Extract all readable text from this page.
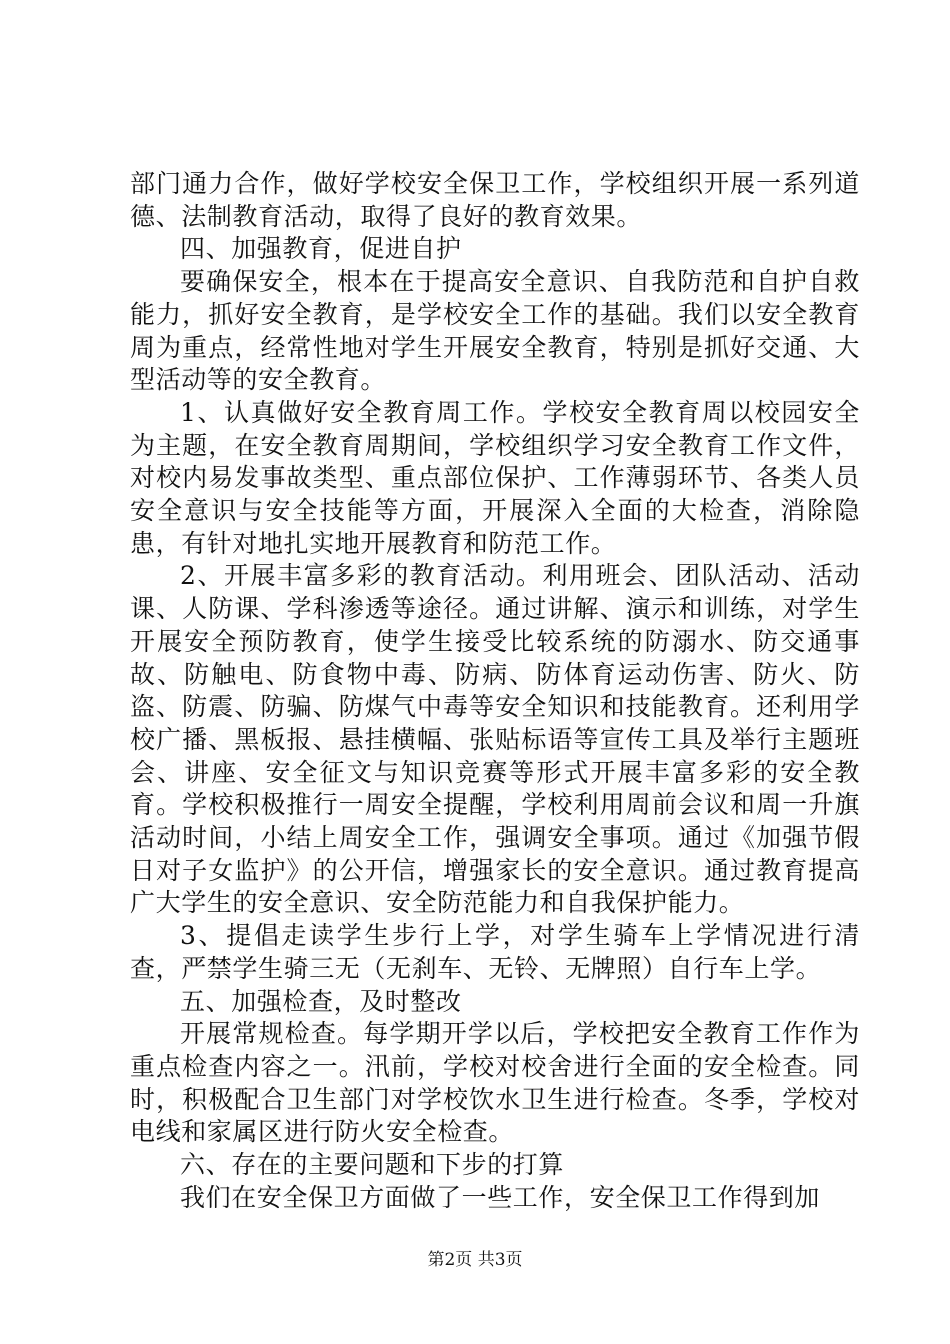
部门通力合作，做好学校安全保卫工作，学校组织开展一系列道德、法制教育活动，取得了良好的教育效果。

四、加强教育，促进自护

要确保安全，根本在于提高安全意识、自我防范和自护自救能力，抓好安全教育，是学校安全工作的基础。我们以安全教育周为重点，经常性地对学生开展安全教育，特别是抓好交通、大型活动等的安全教育。

1、认真做好安全教育周工作。学校安全教育周以校园安全为主题，在安全教育周期间，学校组织学习安全教育工作文件，对校内易发事故类型、重点部位保护、工作薄弱环节、各类人员安全意识与安全技能等方面，开展深入全面的大检查，消除隐患，有针对地扎实地开展教育和防范工作。

2、开展丰富多彩的教育活动。利用班会、团队活动、活动课、人防课、学科渗透等途径。通过讲解、演示和训练，对学生开展安全预防教育，使学生接受比较系统的防溺水、防交通事故、防触电、防食物中毒、防病、防体育运动伤害、防火、防盗、防震、防骗、防煤气中毒等安全知识和技能教育。还利用学校广播、黑板报、悬挂横幅、张贴标语等宣传工具及举行主题班会、讲座、安全征文与知识竞赛等形式开展丰富多彩的安全教育。学校积极推行一周安全提醒，学校利用周前会议和周一升旗活动时间，小结上周安全工作，强调安全事项。通过《加强节假日对子女监护》的公开信，增强家长的安全意识。通过教育提高广大学生的安全意识、安全防范能力和自我保护能力。

3、提倡走读学生步行上学，对学生骑车上学情况进行清查，严禁学生骑三无（无刹车、无铃、无牌照）自行车上学。

五、加强检查，及时整改

开展常规检查。每学期开学以后，学校把安全教育工作作为重点检查内容之一。汛前，学校对校舍进行全面的安全检查。同时，积极配合卫生部门对学校饮水卫生进行检查。冬季，学校对电线和家属区进行防火安全检查。

六、存在的主要问题和下步的打算

我们在安全保卫方面做了一些工作，安全保卫工作得到加

第2页 共3页
